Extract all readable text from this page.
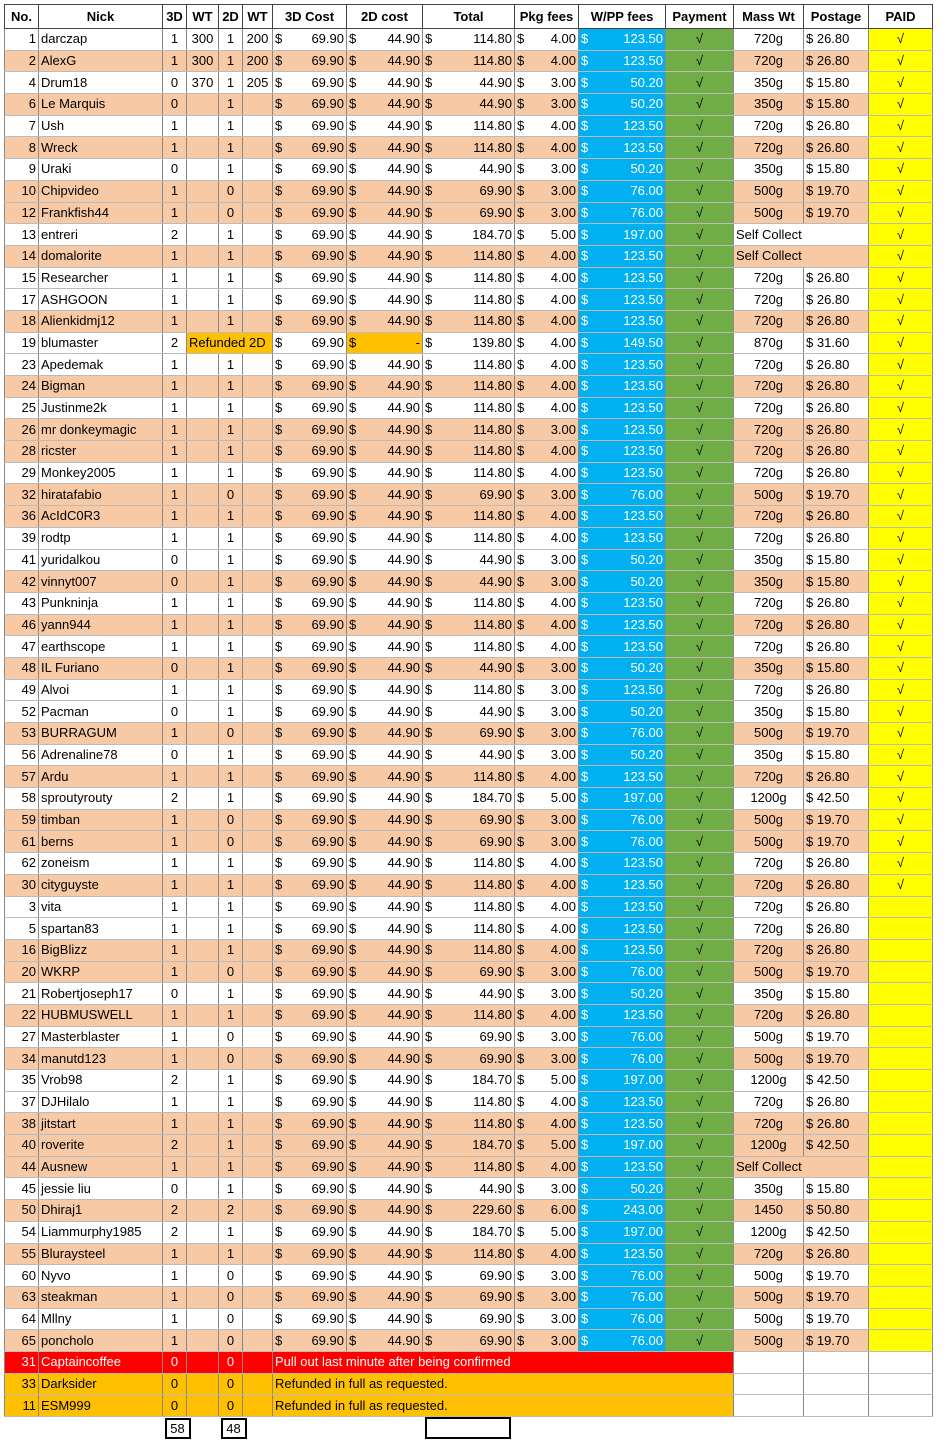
No.	Nick	3D	WT	2D	WT	3D Cost	2D cost	Total	Pkg fees	W/PP fees	Payment	Mass Wt	Postage	PAID
1	darczap	1	300	1	200	$ 69.90	$ 44.90	$ 114.80	$ 4.00	$ 123.50	√	720g	$ 26.80	√
2	AlexG	1	300	1	200	$ 69.90	$ 44.90	$ 114.80	$ 4.00	$ 123.50	√	720g	$ 26.80	√
4	Drum18	0	370	1	205	$ 69.90	$ 44.90	$ 44.90	$ 3.00	$ 50.20	√	350g	$ 15.80	√
6	Le Marquis	0		1		$ 69.90	$ 44.90	$ 44.90	$ 3.00	$ 50.20	√	350g	$ 15.80	√
7	Ush	1		1		$ 69.90	$ 44.90	$ 114.80	$ 4.00	$ 123.50	√	720g	$ 26.80	√
8	Wreck	1		1		$ 69.90	$ 44.90	$ 114.80	$ 4.00	$ 123.50	√	720g	$ 26.80	√
9	Uraki	0		1		$ 69.90	$ 44.90	$ 44.90	$ 3.00	$ 50.20	√	350g	$ 15.80	√
10	Chipvideo	1		0		$ 69.90	$ 44.90	$ 69.90	$ 3.00	$ 76.00	√	500g	$ 19.70	√
12	Frankfish44	1		0		$ 69.90	$ 44.90	$ 69.90	$ 3.00	$ 76.00	√	500g	$ 19.70	√
13	entreri	2		1		$ 69.90	$ 44.90	$ 184.70	$ 5.00	$ 197.00	√	Self Collect		√
14	domalorite	1		1		$ 69.90	$ 44.90	$ 114.80	$ 4.00	$ 123.50	√	Self Collect		√
15	Researcher	1		1		$ 69.90	$ 44.90	$ 114.80	$ 4.00	$ 123.50	√	720g	$ 26.80	√
17	ASHGOON	1		1		$ 69.90	$ 44.90	$ 114.80	$ 4.00	$ 123.50	√	720g	$ 26.80	√
18	Alienkidmj12	1		1		$ 69.90	$ 44.90	$ 114.80	$ 4.00	$ 123.50	√	720g	$ 26.80	√
19	blumaster	2	Refunded 2D			$ 69.90	$ -	$ 139.80	$ 4.00	$ 149.50	√	870g	$ 31.60	√
23	Apedemak	1		1		$ 69.90	$ 44.90	$ 114.80	$ 4.00	$ 123.50	√	720g	$ 26.80	√
24	Bigman	1		1		$ 69.90	$ 44.90	$ 114.80	$ 4.00	$ 123.50	√	720g	$ 26.80	√
25	Justinme2k	1		1		$ 69.90	$ 44.90	$ 114.80	$ 4.00	$ 123.50	√	720g	$ 26.80	√
26	mr donkeymagic	1		1		$ 69.90	$ 44.90	$ 114.80	$ 3.00	$ 123.50	√	720g	$ 26.80	√
28	ricster	1		1		$ 69.90	$ 44.90	$ 114.80	$ 4.00	$ 123.50	√	720g	$ 26.80	√
29	Monkey2005	1		1		$ 69.90	$ 44.90	$ 114.80	$ 4.00	$ 123.50	√	720g	$ 26.80	√
32	hiratafabio	1		0		$ 69.90	$ 44.90	$ 69.90	$ 3.00	$ 76.00	√	500g	$ 19.70	√
36	AcIdC0R3	1		1		$ 69.90	$ 44.90	$ 114.80	$ 4.00	$ 123.50	√	720g	$ 26.80	√
39	rodtp	1		1		$ 69.90	$ 44.90	$ 114.80	$ 4.00	$ 123.50	√	720g	$ 26.80	√
41	yuridalkou	0		1		$ 69.90	$ 44.90	$ 44.90	$ 3.00	$ 50.20	√	350g	$ 15.80	√
42	vinnyt007	0		1		$ 69.90	$ 44.90	$ 44.90	$ 3.00	$ 50.20	√	350g	$ 15.80	√
43	Punkninja	1		1		$ 69.90	$ 44.90	$ 114.80	$ 4.00	$ 123.50	√	720g	$ 26.80	√
46	yann944	1		1		$ 69.90	$ 44.90	$ 114.80	$ 4.00	$ 123.50	√	720g	$ 26.80	√
47	earthscope	1		1		$ 69.90	$ 44.90	$ 114.80	$ 4.00	$ 123.50	√	720g	$ 26.80	√
48	IL Furiano	0		1		$ 69.90	$ 44.90	$ 44.90	$ 3.00	$ 50.20	√	350g	$ 15.80	√
49	Alvoi	1		1		$ 69.90	$ 44.90	$ 114.80	$ 3.00	$ 123.50	√	720g	$ 26.80	√
52	Pacman	0		1		$ 69.90	$ 44.90	$ 44.90	$ 3.00	$ 50.20	√	350g	$ 15.80	√
53	BURRAGUM	1		0		$ 69.90	$ 44.90	$ 69.90	$ 3.00	$ 76.00	√	500g	$ 19.70	√
56	Adrenaline78	0		1		$ 69.90	$ 44.90	$ 44.90	$ 3.00	$ 50.20	√	350g	$ 15.80	√
57	Ardu	1		1		$ 69.90	$ 44.90	$ 114.80	$ 4.00	$ 123.50	√	720g	$ 26.80	√
58	sproutyrouty	2		1		$ 69.90	$ 44.90	$ 184.70	$ 5.00	$ 197.00	√	1200g	$ 42.50	√
59	timban	1		0		$ 69.90	$ 44.90	$ 69.90	$ 3.00	$ 76.00	√	500g	$ 19.70	√
61	berns	1		0		$ 69.90	$ 44.90	$ 69.90	$ 3.00	$ 76.00	√	500g	$ 19.70	√
62	zoneism	1		1		$ 69.90	$ 44.90	$ 114.80	$ 4.00	$ 123.50	√	720g	$ 26.80	√
30	cityguyste	1		1		$ 69.90	$ 44.90	$ 114.80	$ 4.00	$ 123.50	√	720g	$ 26.80	√
3	vita	1		1		$ 69.90	$ 44.90	$ 114.80	$ 4.00	$ 123.50	√	720g	$ 26.80	
5	spartan83	1		1		$ 69.90	$ 44.90	$ 114.80	$ 4.00	$ 123.50	√	720g	$ 26.80	
16	BigBlizz	1		1		$ 69.90	$ 44.90	$ 114.80	$ 4.00	$ 123.50	√	720g	$ 26.80	
20	WKRP	1		0		$ 69.90	$ 44.90	$ 69.90	$ 3.00	$ 76.00	√	500g	$ 19.70	
21	Robertjoseph17	0		1		$ 69.90	$ 44.90	$ 44.90	$ 3.00	$ 50.20	√	350g	$ 15.80	
22	HUBMUSWELL	1		1		$ 69.90	$ 44.90	$ 114.80	$ 4.00	$ 123.50	√	720g	$ 26.80	
27	Masterblaster	1		0		$ 69.90	$ 44.90	$ 69.90	$ 3.00	$ 76.00	√	500g	$ 19.70	
34	manutd123	1		0		$ 69.90	$ 44.90	$ 69.90	$ 3.00	$ 76.00	√	500g	$ 19.70	
35	Vrob98	2		1		$ 69.90	$ 44.90	$ 184.70	$ 5.00	$ 197.00	√	1200g	$ 42.50	
37	DJHilalo	1		1		$ 69.90	$ 44.90	$ 114.80	$ 4.00	$ 123.50	√	720g	$ 26.80	
38	jitstart	1		1		$ 69.90	$ 44.90	$ 114.80	$ 4.00	$ 123.50	√	720g	$ 26.80	
40	roverite	2		1		$ 69.90	$ 44.90	$ 184.70	$ 5.00	$ 197.00	√	1200g	$ 42.50	
44	Ausnew	1		1		$ 69.90	$ 44.90	$ 114.80	$ 4.00	$ 123.50	√	Self Collect		
45	jessie liu	0		1		$ 69.90	$ 44.90	$ 44.90	$ 3.00	$ 50.20	√	350g	$ 15.80	
50	Dhiraj1	2		2		$ 69.90	$ 44.90	$ 229.60	$ 6.00	$ 243.00	√	1450	$ 50.80	
54	Liammurphy1985	2		1		$ 69.90	$ 44.90	$ 184.70	$ 5.00	$ 197.00	√	1200g	$ 42.50	
55	Bluraysteel	1		1		$ 69.90	$ 44.90	$ 114.80	$ 4.00	$ 123.50	√	720g	$ 26.80	
60	Nyvo	1		0		$ 69.90	$ 44.90	$ 69.90	$ 3.00	$ 76.00	√	500g	$ 19.70	
63	steakman	1		0		$ 69.90	$ 44.90	$ 69.90	$ 3.00	$ 76.00	√	500g	$ 19.70	
64	Mllny	1		0		$ 69.90	$ 44.90	$ 69.90	$ 3.00	$ 76.00	√	500g	$ 19.70	
65	poncholo	1		0		$ 69.90	$ 44.90	$ 69.90	$ 3.00	$ 76.00	√	500g	$ 19.70	
31	Captaincoffee	0		0		Pull out last minute after being confirmed								
33	Darksider	0		0		Refunded in full as requested.								
11	ESM999	0		0		Refunded in full as requested.								
		58		48										
